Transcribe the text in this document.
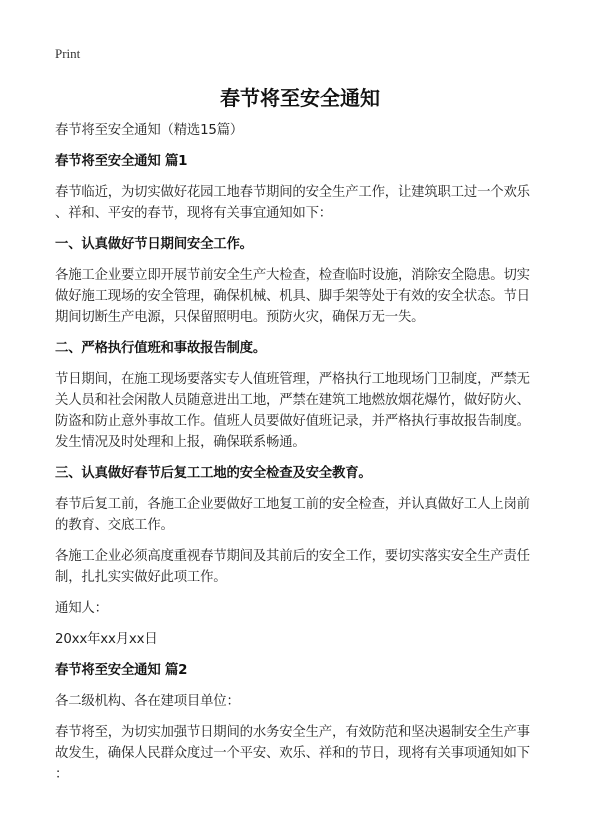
Print
春节将至安全通知
春节将至安全通知（精选15篇）
春节将至安全通知 篇1
春节临近，为切实做好花园工地春节期间的安全生产工作，让建筑职工过一个欢乐
、祥和、平安的春节，现将有关事宜通知如下：
一、认真做好节日期间安全工作。
各施工企业要立即开展节前安全生产大检查，检查临时设施，消除安全隐患。切实
做好施工现场的安全管理，确保机械、机具、脚手架等处于有效的安全状态。节日
期间切断生产电源，只保留照明电。预防火灾，确保万无一失。
二、严格执行值班和事故报告制度。
节日期间，在施工现场要落实专人值班管理，严格执行工地现场门卫制度，严禁无
关人员和社会闲散人员随意进出工地，严禁在建筑工地燃放烟花爆竹，做好防火、
防盗和防止意外事故工作。值班人员要做好值班记录，并严格执行事故报告制度。
发生情况及时处理和上报，确保联系畅通。
三、认真做好春节后复工工地的安全检查及安全教育。
春节后复工前，各施工企业要做好工地复工前的安全检查，并认真做好工人上岗前
的教育、交底工作。
各施工企业必须高度重视春节期间及其前后的安全工作，要切实落实安全生产责任
制，扎扎实实做好此项工作。
通知人：
20xx年xx月xx日
春节将至安全通知 篇2
各二级机构、各在建项目单位：
春节将至，为切实加强节日期间的水务安全生产，有效防范和坚决遏制安全生产事
故发生，确保人民群众度过一个平安、欢乐、祥和的节日，现将有关事项通知如下
：
